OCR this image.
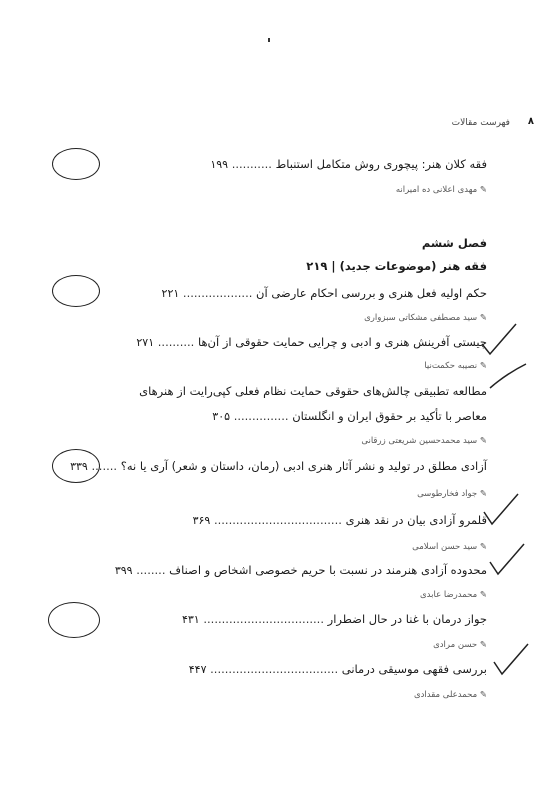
۸
فهرست مقالات
فقه کلان هنر: پیچوری روش متکامل استنباط ........... ۱۹۹
✎ مهدی اعلانی ده امیرانه
فصل ششم
فقه هنر (موضوعات جدید) | ۲۱۹
حکم اولیه فعل هنری و بررسی احکام عارضی آن ................... ۲۲۱
✎ سید مصطفی مشکاتی سبزواری
چیستی آفرینش هنری و ادبی و چرایی حمایت حقوقی از آن‌ها .......... ۲۷۱
✎ نصیبه حکمت‌نیا
مطالعه تطبیقی چالش‌های حقوقی حمایت نظام فعلی کپی‌رایت از هنرهای
معاصر با تأکید بر حقوق ایران و انگلستان ............... ۳۰۵
✎ سید محمدحسین شریعتی زرقانی
آزادی مطلق در تولید و نشر آثار هنری ادبی (رمان، داستان و شعر) آری یا نه؟ ....... ۳۳۹
✎ جواد فخارطوسی
قلمرو آزادی بیان در نقد هنری ................................... ۳۶۹
✎ سید حسن اسلامی
محدوده آزادی هنرمند در نسبت با حریم خصوصی اشخاص و اصناف ........ ۳۹۹
✎ محمدرضا عابدی
جواز درمان با غنا در حال اضطرار ................................. ۴۳۱
✎ حسن مرادی
بررسی فقهی موسیقی درمانی ................................... ۴۴۷
✎ محمدعلی مقدادی
